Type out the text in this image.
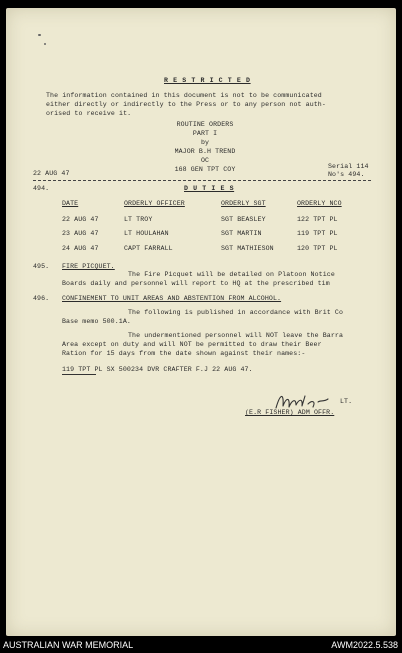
R E S T R I C T E D
The information contained in this document is not to be communicated
either directly or indirectly to the Press or to any person not auth-
orised to receive it.
ROUTINE ORDERS
PART I
by
MAJOR B.H TREND
OC
168 GEN TPT COY
22 AUG 47
Serial 114
No's 494.
494.	D U T I E S
DATE	ORDERLY OFFICER	ORDERLY SGT	ORDERLY NCO
22 AUG 47	LT TROY	SGT BEASLEY	122 TPT PL
23 AUG 47	LT HOULAHAN	SGT MARTIN	119 TPT PL
24 AUG 47	CAPT FARRALL	SGT MATHIESON	120 TPT PL
495. FIRE PICQUET.
The Fire Picquet will be detailed on Platoon Notice
Boards daily and personnel will report to HQ at the prescribed tim
496. CONFINEMENT TO UNIT AREAS AND ABSTENTION FROM ALCOHOL.
The following is published in accordance with Brit Co
Base memo 500.1A.
The undermentioned personnel will NOT leave the Barra
Area except on duty and will NOT be permitted to draw their Beer
Ration for 15 days from the date shown against their names:-
119 TPT PL SX 500234 DVR CRAFTER F.J 22 AUG 47.
LT.
(E.R FISHER) ADM OFFR.
AUSTRALIAN WAR MEMORIAL	AWM2022.5.538
